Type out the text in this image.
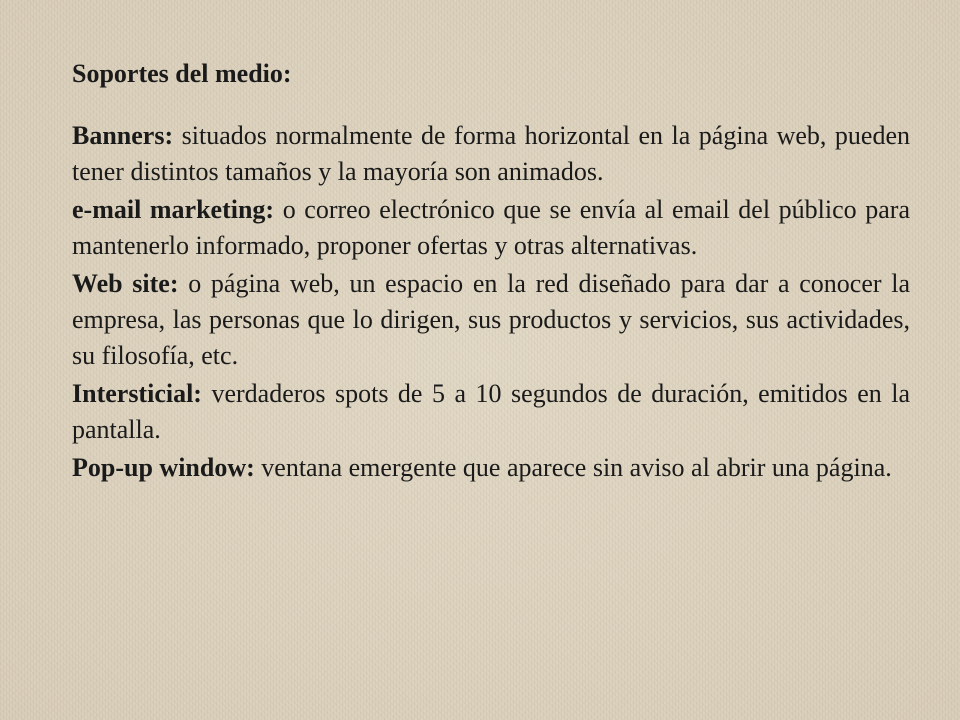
Soportes del medio:

Banners: situados normalmente de forma horizontal en la página web, pueden tener distintos tamaños y la mayoría son animados.

e-mail marketing: o correo electrónico que se envía al email del público para mantenerlo informado, proponer ofertas y otras alternativas.

Web site: o página web, un espacio en la red diseñado para dar a conocer la empresa, las personas que lo dirigen, sus productos y servicios, sus actividades, su filosofía, etc.

Intersticial: verdaderos spots de 5 a 10 segundos de duración, emitidos en la pantalla.

Pop-up window: ventana emergente que aparece sin aviso al abrir una página.
